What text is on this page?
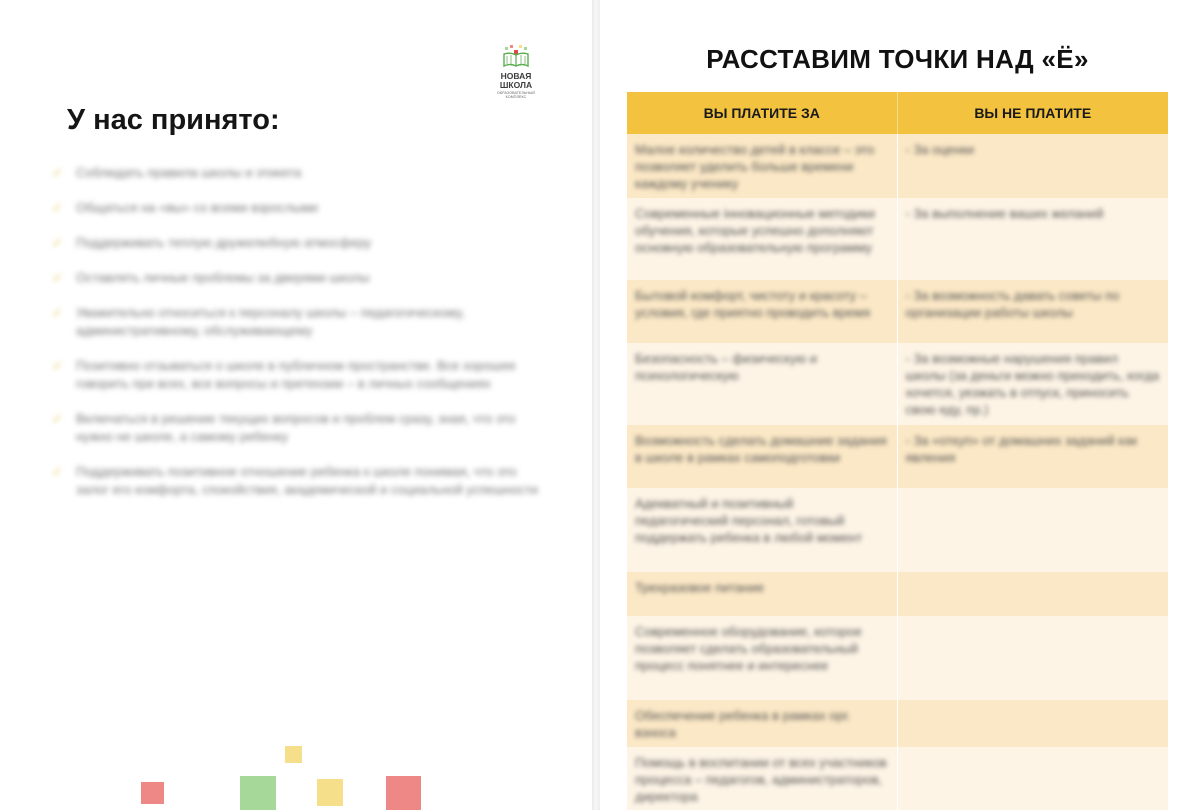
НОВАЯ
ШКОЛА
ОБРАЗОВАТЕЛЬНЫЙ КОМПЛЕКС
У нас принято:
✓ Соблюдать правила школы и этикета
✓ Общаться на «вы» со всеми взрослыми
✓ Поддерживать теплую дружелюбную атмосферу
✓ Оставлять личные проблемы за дверями школы
✓ Уважительно относиться к персоналу школы – педагогическому, административному, обслуживающему
✓ Позитивно отзываться о школе в публичном пространстве. Все хорошее говорить при всех, все вопросы и претензии – в личных сообщениях
✓ Включаться в решение текущих вопросов и проблем сразу, зная, что это нужно не школе, а самому ребенку
✓ Поддерживать позитивное отношение ребенка к школе понимая, что это залог его комфорта, спокойствия, академической и социальной успешности
РАССТАВИМ ТОЧКИ НАД «Ё»
ВЫ ПЛАТИТЕ ЗА	ВЫ НЕ ПЛАТИТЕ

Малое количество детей в классе – это позволяет уделить больше времени каждому ученику	- За оценки

Современные інновационные методики обучения, которые успешно дополняют основную образовательную программу	- За выполнение ваших желаний

Бытовой комфорт, чистоту и красоту – условия, где приятно проводить время	- За возможность давать советы по организации работы школы

Безопасность – физическую и психологическую	- За возможные нарушения правил школы (за деньги можно приходить, когда хочется, уезжать в отпуск, приносить свою еду, пр.)

Возможность сделать домашние задания в школе в рамках самоподготовки	- За «откуп» от домашних заданий как явления

Адекватный и позитивный педагогический персонал, готовый поддержать ребенка в любой момент	

Трехразовое питание	

Современное оборудование, которое позволяет сделать образовательный процесс понятнее и интереснее	

Обеспечение ребенка в рамках орг. взноса	

Помощь в воспитании от всех участников процесса – педагогов, администраторов, директора	
